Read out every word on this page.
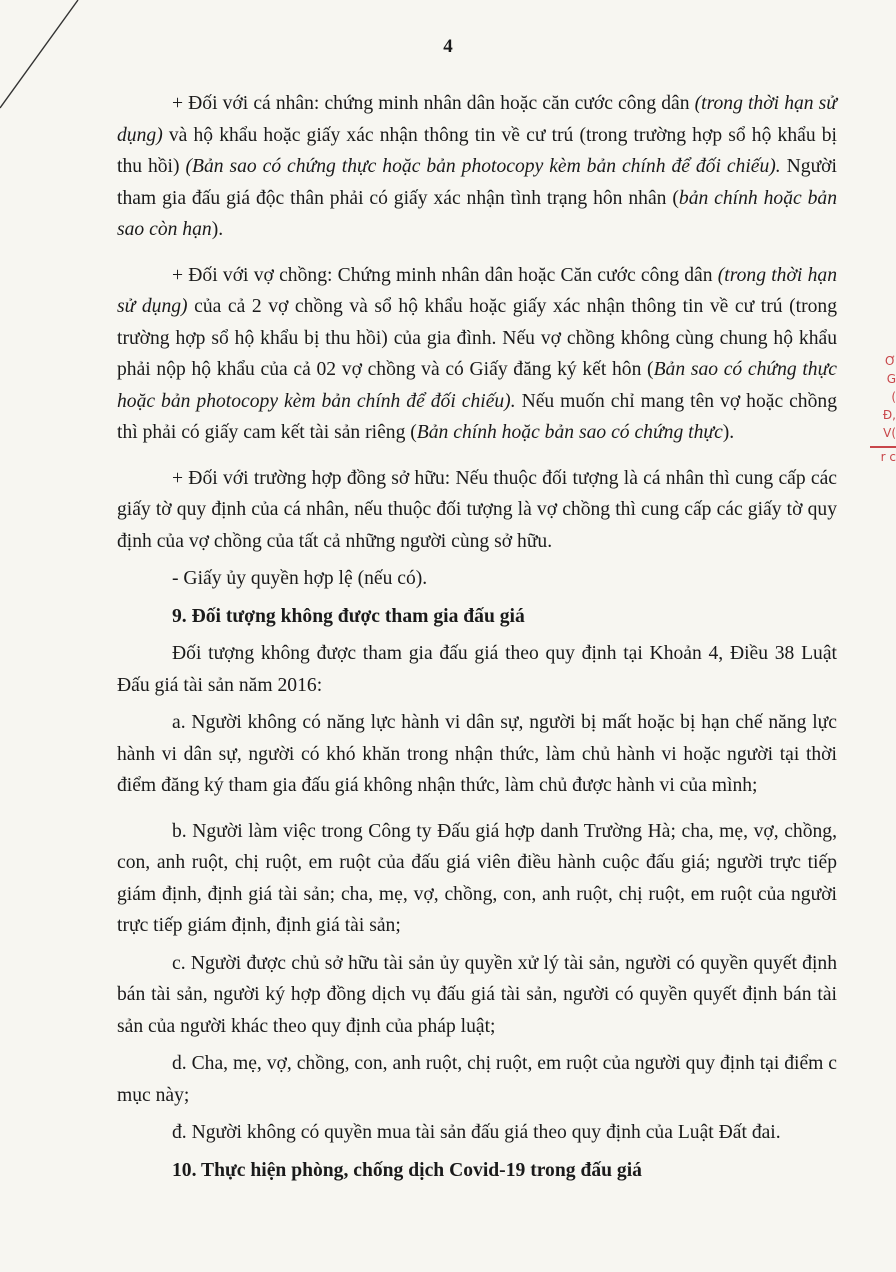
4

+ Đối với cá nhân: chứng minh nhân dân hoặc căn cước công dân (trong thời hạn sử dụng) và hộ khẩu hoặc giấy xác nhận thông tin về cư trú (trong trường hợp sổ hộ khẩu bị thu hồi) (Bản sao có chứng thực hoặc bản photocopy kèm bản chính để đối chiếu). Người tham gia đấu giá độc thân phải có giấy xác nhận tình trạng hôn nhân (bản chính hoặc bản sao còn hạn).

+ Đối với vợ chồng: Chứng minh nhân dân hoặc Căn cước công dân (trong thời hạn sử dụng) của cả 2 vợ chồng và sổ hộ khẩu hoặc giấy xác nhận thông tin về cư trú (trong trường hợp sổ hộ khẩu bị thu hồi) của gia đình. Nếu vợ chồng không cùng chung hộ khẩu phải nộp hộ khẩu của cả 02 vợ chồng và có Giấy đăng ký kết hôn (Bản sao có chứng thực hoặc bản photocopy kèm bản chính để đối chiếu). Nếu muốn chỉ mang tên vợ hoặc chồng thì phải có giấy cam kết tài sản riêng (Bản chính hoặc bản sao có chứng thực).

+ Đối với trường hợp đồng sở hữu: Nếu thuộc đối tượng là cá nhân thì cung cấp các giấy tờ quy định của cá nhân, nếu thuộc đối tượng là vợ chồng thì cung cấp các giấy tờ quy định của vợ chồng của tất cả những người cùng sở hữu.

- Giấy ủy quyền hợp lệ (nếu có).

9. Đối tượng không được tham gia đấu giá

Đối tượng không được tham gia đấu giá theo quy định tại Khoản 4, Điều 38 Luật Đấu giá tài sản năm 2016:

a. Người không có năng lực hành vi dân sự, người bị mất hoặc bị hạn chế năng lực hành vi dân sự, người có khó khăn trong nhận thức, làm chủ hành vi hoặc người tại thời điểm đăng ký tham gia đấu giá không nhận thức, làm chủ được hành vi của mình;

b. Người làm việc trong Công ty Đấu giá hợp danh Trường Hà; cha, mẹ, vợ, chồng, con, anh ruột, chị ruột, em ruột của đấu giá viên điều hành cuộc đấu giá; người trực tiếp giám định, định giá tài sản; cha, mẹ, vợ, chồng, con, anh ruột, chị ruột, em ruột của người trực tiếp giám định, định giá tài sản;

c. Người được chủ sở hữu tài sản ủy quyền xử lý tài sản, người có quyền quyết định bán tài sản, người ký hợp đồng dịch vụ đấu giá tài sản, người có quyền quyết định bán tài sản của người khác theo quy định của pháp luật;

d. Cha, mẹ, vợ, chồng, con, anh ruột, chị ruột, em ruột của người quy định tại điểm c mục này;

đ. Người không có quyền mua tài sản đấu giá theo quy định của Luật Đất đai.

10. Thực hiện phòng, chống dịch Covid-19 trong đấu giá

Ơ
G
(
Đ,
V(
r c
